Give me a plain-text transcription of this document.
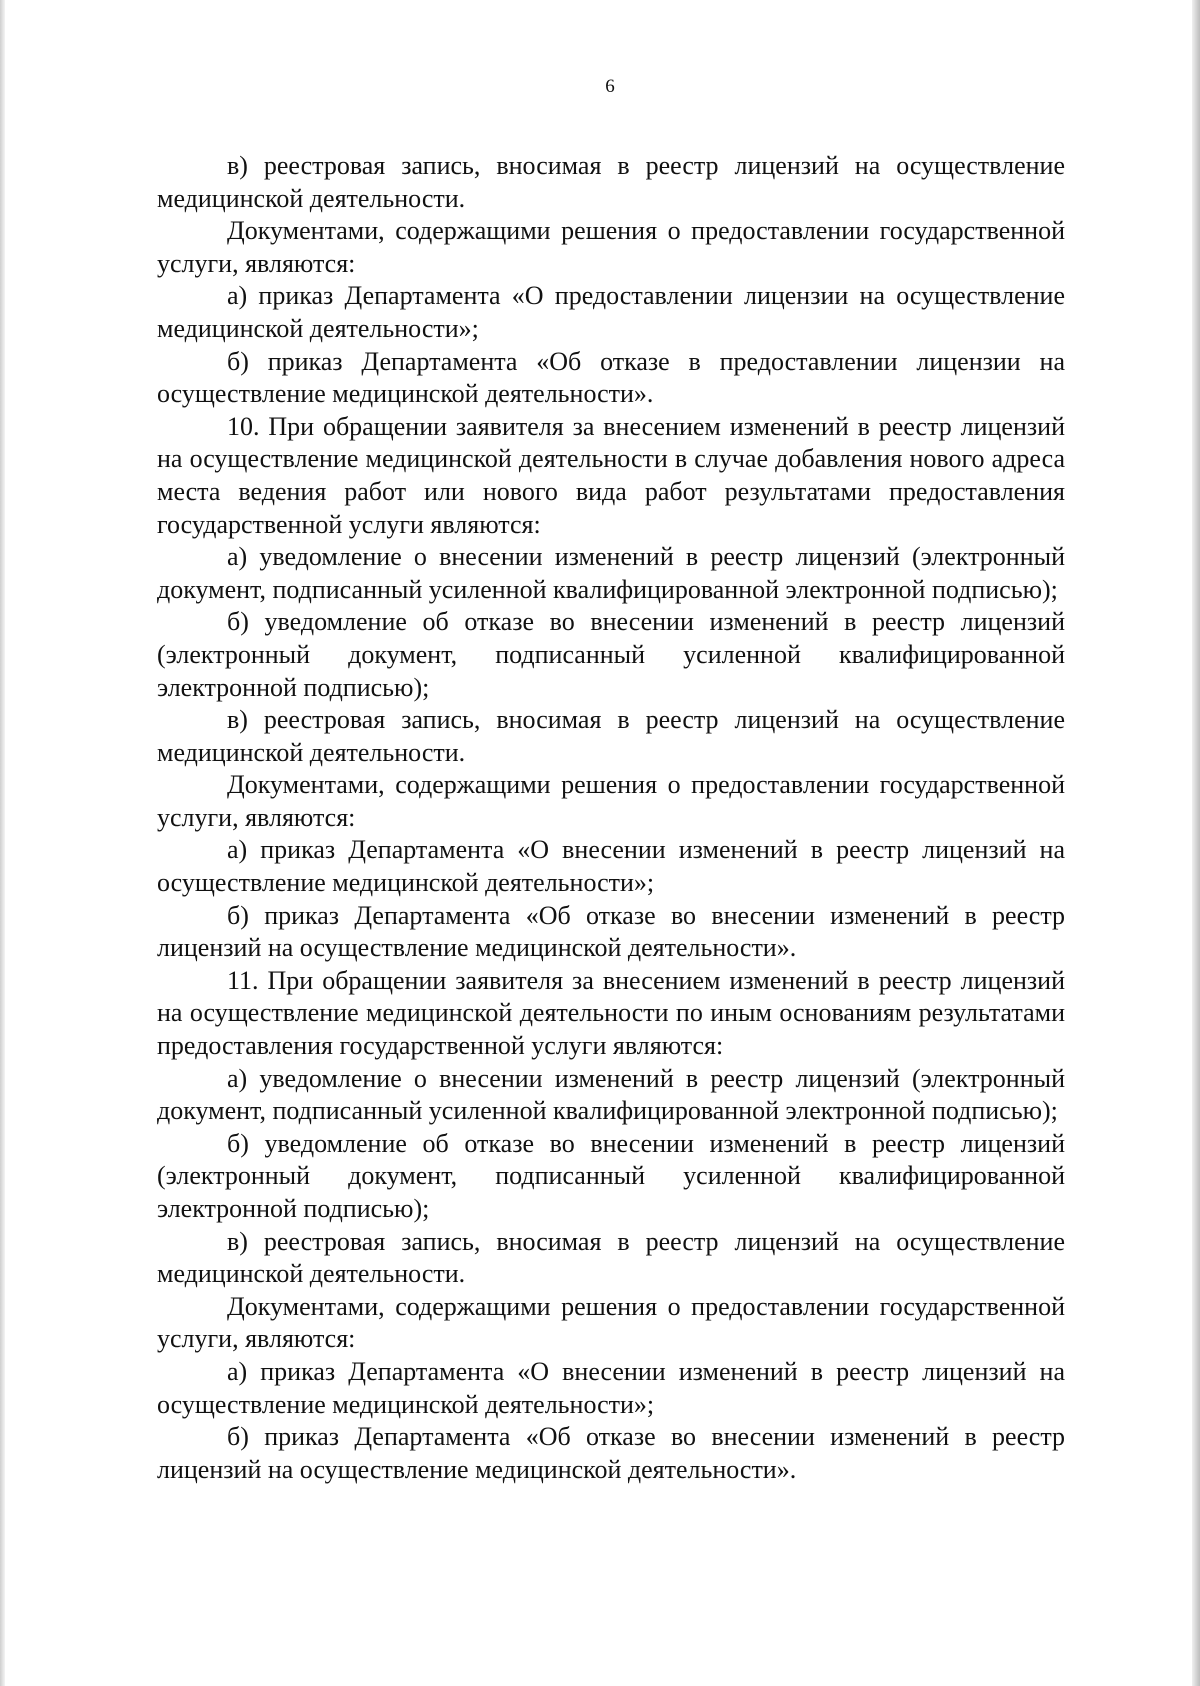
6

в) реестровая запись, вносимая в реестр лицензий на осуществление медицинской деятельности.

Документами, содержащими решения о предоставлении государственной услуги, являются:

а) приказ Департамента «О предоставлении лицензии на осуществление медицинской деятельности»;

б) приказ Департамента «Об отказе в предоставлении лицензии на осуществление медицинской деятельности».

10. При обращении заявителя за внесением изменений в реестр лицензий на осуществление медицинской деятельности в случае добавления нового адреса места ведения работ или нового вида работ результатами предоставления государственной услуги являются:

а) уведомление о внесении изменений в реестр лицензий (электронный документ, подписанный усиленной квалифицированной электронной подписью);

б) уведомление об отказе во внесении изменений в реестр лицензий (электронный документ, подписанный усиленной квалифицированной электронной подписью);

в) реестровая запись, вносимая в реестр лицензий на осуществление медицинской деятельности.

Документами, содержащими решения о предоставлении государственной услуги, являются:

а) приказ Департамента «О внесении изменений в реестр лицензий на осуществление медицинской деятельности»;

б) приказ Департамента «Об отказе во внесении изменений в реестр лицензий на осуществление медицинской деятельности».

11. При обращении заявителя за внесением изменений в реестр лицензий на осуществление медицинской деятельности по иным основаниям результатами предоставления государственной услуги являются:

а) уведомление о внесении изменений в реестр лицензий (электронный документ, подписанный усиленной квалифицированной электронной подписью);

б) уведомление об отказе во внесении изменений в реестр лицензий (электронный документ, подписанный усиленной квалифицированной электронной подписью);

в) реестровая запись, вносимая в реестр лицензий на осуществление медицинской деятельности.

Документами, содержащими решения о предоставлении государственной услуги, являются:

а) приказ Департамента «О внесении изменений в реестр лицензий на осуществление медицинской деятельности»;

б) приказ Департамента «Об отказе во внесении изменений в реестр лицензий на осуществление медицинской деятельности».
